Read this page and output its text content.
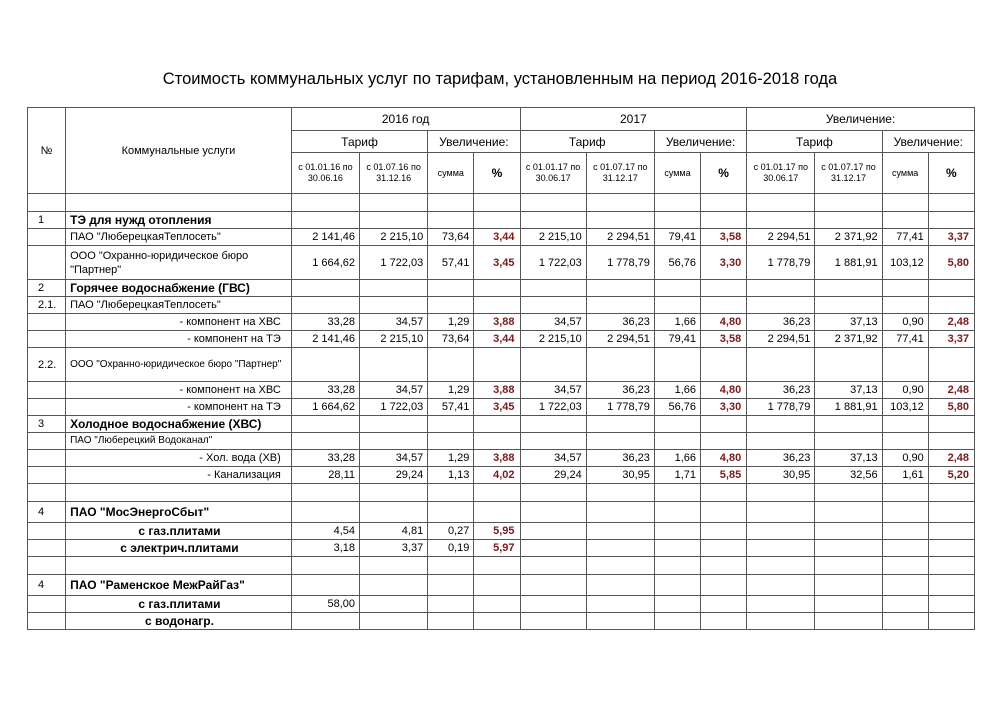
Стоимость коммунальных услуг по тарифам, установленным на период 2016-2018 года
№	Коммунальные услуги	2016 год				2017				Увеличение:			
		Тариф		Увеличение:		Тариф		Увеличение:		Тариф		Увеличение:	
		с 01.01.16 по 30.06.16	с 01.07.16 по 31.12.16	сумма	%	с 01.01.17 по 30.06.17	с 01.07.17 по 31.12.17	сумма	%	с 01.01.17 по 30.06.17	с 01.07.17 по 31.12.17	сумма	%

1	ТЭ для нужд отопления												
	ПАО "ЛюберецкаяТеплосеть"	2 141,46	2 215,10	73,64	3,44	2 215,10	2 294,51	79,41	3,58	2 294,51	2 371,92	77,41	3,37
	ООО "Охранно-юридическое бюро "Партнер"	1 664,62	1 722,03	57,41	3,45	1 722,03	1 778,79	56,76	3,30	1 778,79	1 881,91	103,12	5,80
2	Горячее водоснабжение (ГВС)												
2.1.	ПАО "ЛюберецкаяТеплосеть"												
	- компонент на ХВС	33,28	34,57	1,29	3,88	34,57	36,23	1,66	4,80	36,23	37,13	0,90	2,48
	- компонент на ТЭ	2 141,46	2 215,10	73,64	3,44	2 215,10	2 294,51	79,41	3,58	2 294,51	2 371,92	77,41	3,37
2.2.	ООО "Охранно-юридическое бюро "Партнер"												
	- компонент на ХВС	33,28	34,57	1,29	3,88	34,57	36,23	1,66	4,80	36,23	37,13	0,90	2,48
	- компонент на ТЭ	1 664,62	1 722,03	57,41	3,45	1 722,03	1 778,79	56,76	3,30	1 778,79	1 881,91	103,12	5,80
3	Холодное водоснабжение (ХВС)												
	ПАО "Люберецкий Водоканал"												
	- Хол. вода (ХВ)	33,28	34,57	1,29	3,88	34,57	36,23	1,66	4,80	36,23	37,13	0,90	2,48
	- Канализация	28,11	29,24	1,13	4,02	29,24	30,95	1,71	5,85	30,95	32,56	1,61	5,20

4	ПАО "МосЭнергоСбыт"												
	с газ.плитами	4,54	4,81	0,27	5,95								
	с электрич.плитами	3,18	3,37	0,19	5,97								

4	ПАО "Раменское МежРайГаз"												
	с газ.плитами	58,00											
	с водонагр.												
